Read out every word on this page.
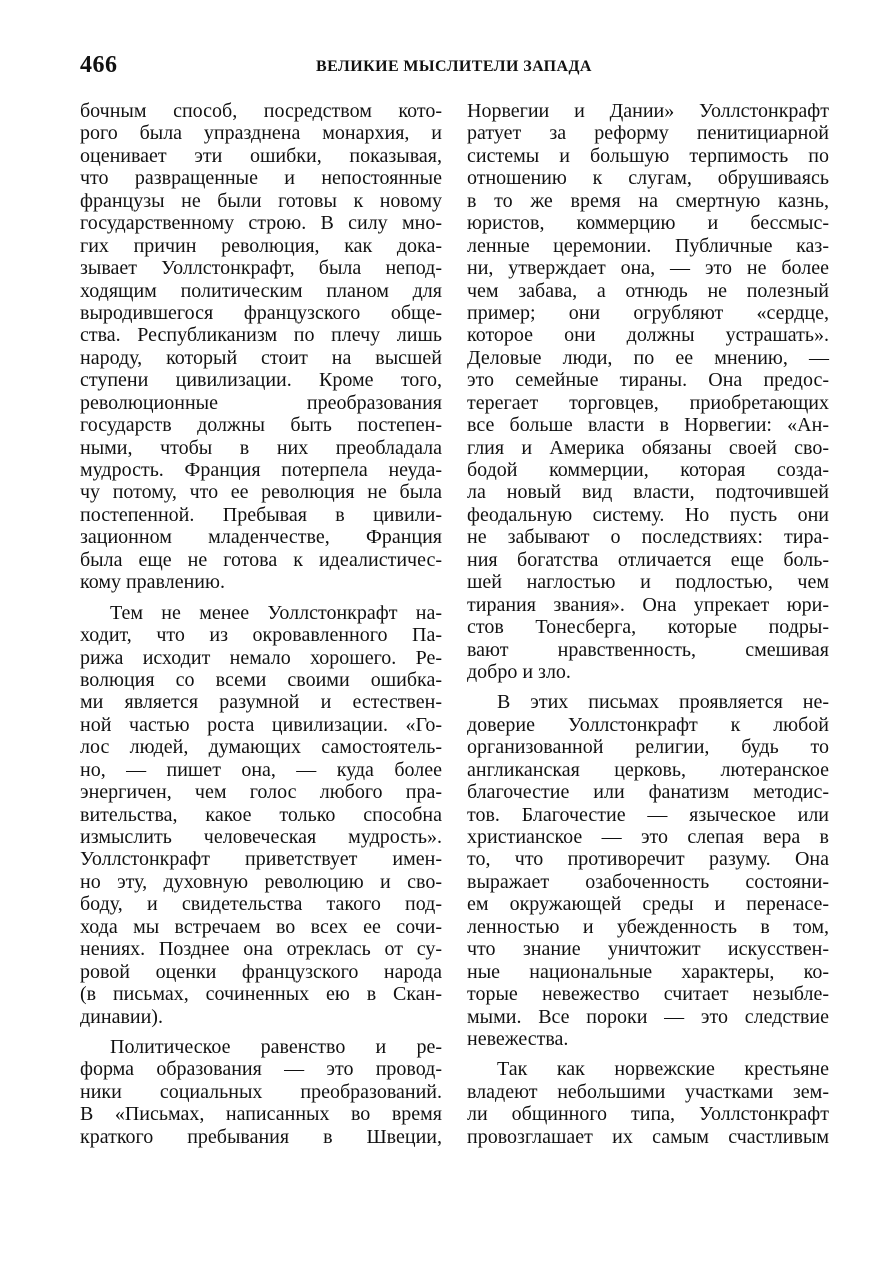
466	ВЕЛИКИЕ МЫСЛИТЕЛИ ЗАПАДА
бочным способ, посредством кото-
рого была упразднена монархия, и
оценивает эти ошибки, показывая,
что развращенные и непостоянные
французы не были готовы к новому
государственному строю. В силу мно-
гих причин революция, как дока-
зывает Уоллстонкрафт, была непод-
ходящим политическим планом для
выродившегося французского обще-
ства. Республиканизм по плечу лишь
народу, который стоит на высшей
ступени цивилизации. Кроме того,
революционные преобразования
государств должны быть постепен-
ными, чтобы в них преобладала
мудрость. Франция потерпела неуда-
чу потому, что ее революция не была
постепенной. Пребывая в цивили-
зационном младенчестве, Франция
была еще не готова к идеалистичес-
кому правлению.
Тем не менее Уоллстонкрафт на-
ходит, что из окровавленного Па-
рижа исходит немало хорошего. Ре-
волюция со всеми своими ошибка-
ми является разумной и естествен-
ной частью роста цивилизации. «Го-
лос людей, думающих самостоятель-
но, — пишет она, — куда более
энергичен, чем голос любого пра-
вительства, какое только способна
измыслить человеческая мудрость».
Уоллстонкрафт приветствует имен-
но эту, духовную революцию и сво-
боду, и свидетельства такого под-
хода мы встречаем во всех ее сочи-
нениях. Позднее она отреклась от су-
ровой оценки французского народа
(в письмах, сочиненных ею в Скан-
динавии).
Политическое равенство и ре-
форма образования — это провод-
ники социальных преобразований.
В «Письмах, написанных во время
краткого пребывания в Швеции,
Норвегии и Дании» Уоллстонкрафт
ратует за реформу пенитициарной
системы и большую терпимость по
отношению к слугам, обрушиваясь
в то же время на смертную казнь,
юристов, коммерцию и бессмыс-
ленные церемонии. Публичные каз-
ни, утверждает она, — это не более
чем забава, а отнюдь не полезный
пример; они огрубляют «сердце,
которое они должны устрашать».
Деловые люди, по ее мнению, —
это семейные тираны. Она предос-
терегает торговцев, приобретающих
все больше власти в Норвегии: «Ан-
глия и Америка обязаны своей сво-
бодой коммерции, которая созда-
ла новый вид власти, подточившей
феодальную систему. Но пусть они
не забывают о последствиях: тира-
ния богатства отличается еще боль-
шей наглостью и подлостью, чем
тирания звания». Она упрекает юри-
стов Тонесберга, которые подры-
вают нравственность, смешивая
добро и зло.
В этих письмах проявляется не-
доверие Уоллстонкрафт к любой
организованной религии, будь то
англиканская церковь, лютеранское
благочестие или фанатизм методис-
тов. Благочестие — языческое или
христианское — это слепая вера в
то, что противоречит разуму. Она
выражает озабоченность состояни-
ем окружающей среды и перенасе-
ленностью и убежденность в том,
что знание уничтожит искусствен-
ные национальные характеры, ко-
торые невежество считает незыбле-
мыми. Все пороки — это следствие
невежества.
Так как норвежские крестьяне
владеют небольшими участками зем-
ли общинного типа, Уоллстонкрафт
провозглашает их самым счастливым
